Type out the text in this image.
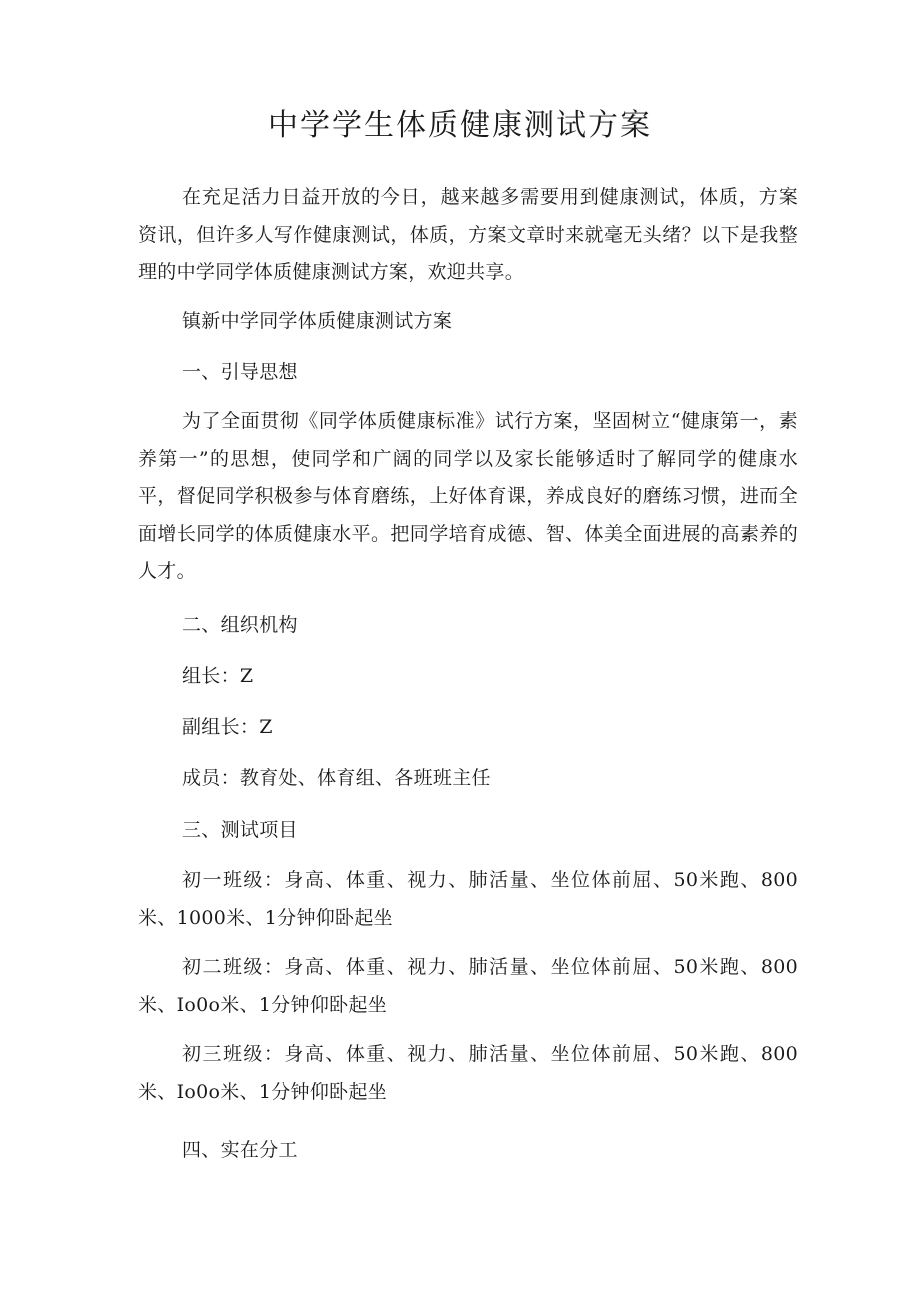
中学学生体质健康测试方案

在充足活力日益开放的今日，越来越多需要用到健康测试，体质，方案资讯，但许多人写作健康测试，体质，方案文章时来就毫无头绪？以下是我整理的中学同学体质健康测试方案，欢迎共享。

镇新中学同学体质健康测试方案

一、引导思想

为了全面贯彻《同学体质健康标准》试行方案，坚固树立“健康第一，素养第一”的思想，使同学和广阔的同学以及家长能够适时了解同学的健康水平，督促同学积极参与体育磨练，上好体育课，养成良好的磨练习惯，进而全面增长同学的体质健康水平。把同学培育成德、智、体美全面进展的高素养的人才。

二、组织机构

组长：Z

副组长：Z

成员：教育处、体育组、各班班主任

三、测试项目

初一班级：身高、体重、视力、肺活量、坐位体前屈、50米跑、800米、1000米、1分钟仰卧起坐

初二班级：身高、体重、视力、肺活量、坐位体前屈、50米跑、800米、Io0o米、1分钟仰卧起坐

初三班级：身高、体重、视力、肺活量、坐位体前屈、50米跑、800米、Io0o米、1分钟仰卧起坐

四、实在分工
